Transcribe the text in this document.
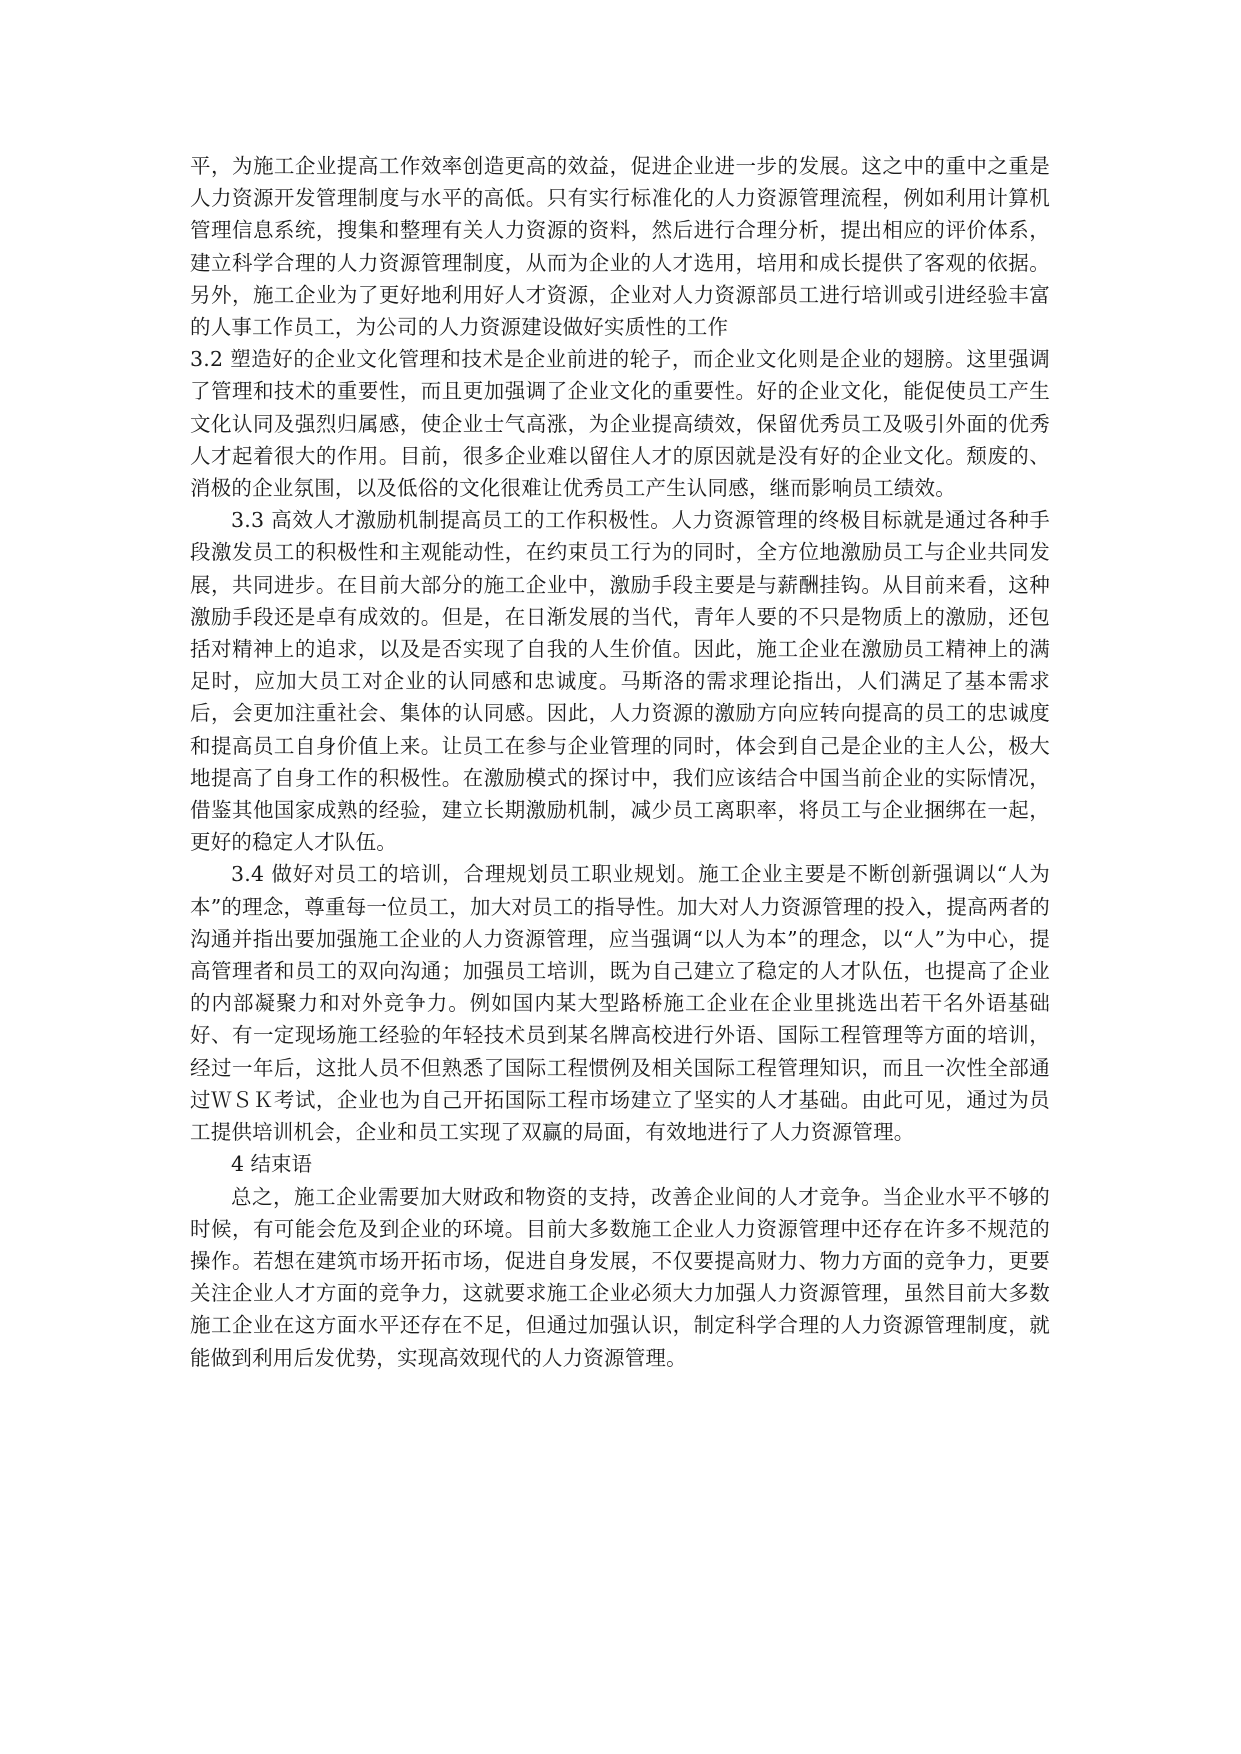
平，为施工企业提高工作效率创造更高的效益，促进企业进一步的发展。这之中的重中之重是人力资源开发管理制度与水平的高低。只有实行标准化的人力资源管理流程，例如利用计算机管理信息系统，搜集和整理有关人力资源的资料，然后进行合理分析，提出相应的评价体系，建立科学合理的人力资源管理制度，从而为企业的人才选用，培用和成长提供了客观的依据。另外，施工企业为了更好地利用好人才资源，企业对人力资源部员工进行培训或引进经验丰富的人事工作员工，为公司的人力资源建设做好实质性的工作

3.2 塑造好的企业文化管理和技术是企业前进的轮子，而企业文化则是企业的翅膀。这里强调了管理和技术的重要性，而且更加强调了企业文化的重要性。好的企业文化，能促使员工产生文化认同及强烈归属感，使企业士气高涨，为企业提高绩效，保留优秀员工及吸引外面的优秀人才起着很大的作用。目前，很多企业难以留住人才的原因就是没有好的企业文化。颓废的、消极的企业氛围，以及低俗的文化很难让优秀员工产生认同感，继而影响员工绩效。

3.3 高效人才激励机制提高员工的工作积极性。人力资源管理的终极目标就是通过各种手段激发员工的积极性和主观能动性，在约束员工行为的同时，全方位地激励员工与企业共同发展，共同进步。在目前大部分的施工企业中，激励手段主要是与薪酬挂钩。从目前来看，这种激励手段还是卓有成效的。但是，在日渐发展的当代，青年人要的不只是物质上的激励，还包括对精神上的追求，以及是否实现了自我的人生价值。因此，施工企业在激励员工精神上的满足时，应加大员工对企业的认同感和忠诚度。马斯洛的需求理论指出，人们满足了基本需求后，会更加注重社会、集体的认同感。因此，人力资源的激励方向应转向提高的员工的忠诚度和提高员工自身价值上来。让员工在参与企业管理的同时，体会到自己是企业的主人公，极大地提高了自身工作的积极性。在激励模式的探讨中，我们应该结合中国当前企业的实际情况，借鉴其他国家成熟的经验，建立长期激励机制，减少员工离职率，将员工与企业捆绑在一起，更好的稳定人才队伍。

3.4 做好对员工的培训，合理规划员工职业规划。施工企业主要是不断创新强调以“人为本”的理念，尊重每一位员工，加大对员工的指导性。加大对人力资源管理的投入，提高两者的沟通并指出要加强施工企业的人力资源管理，应当强调“以人为本”的理念，以“人”为中心，提高管理者和员工的双向沟通；加强员工培训，既为自己建立了稳定的人才队伍，也提高了企业的内部凝聚力和对外竞争力。例如国内某大型路桥施工企业在企业里挑选出若干名外语基础好、有一定现场施工经验的年轻技术员到某名牌高校进行外语、国际工程管理等方面的培训，经过一年后，这批人员不但熟悉了国际工程惯例及相关国际工程管理知识，而且一次性全部通过ＷＳＫ考试，企业也为自己开拓国际工程市场建立了坚实的人才基础。由此可见，通过为员工提供培训机会，企业和员工实现了双赢的局面，有效地进行了人力资源管理。

4 结束语

总之，施工企业需要加大财政和物资的支持，改善企业间的人才竞争。当企业水平不够的时候，有可能会危及到企业的环境。目前大多数施工企业人力资源管理中还存在许多不规范的操作。若想在建筑市场开拓市场，促进自身发展，不仅要提高财力、物力方面的竞争力，更要关注企业人才方面的竞争力，这就要求施工企业必须大力加强人力资源管理，虽然目前大多数施工企业在这方面水平还存在不足，但通过加强认识，制定科学合理的人力资源管理制度，就能做到利用后发优势，实现高效现代的人力资源管理。
